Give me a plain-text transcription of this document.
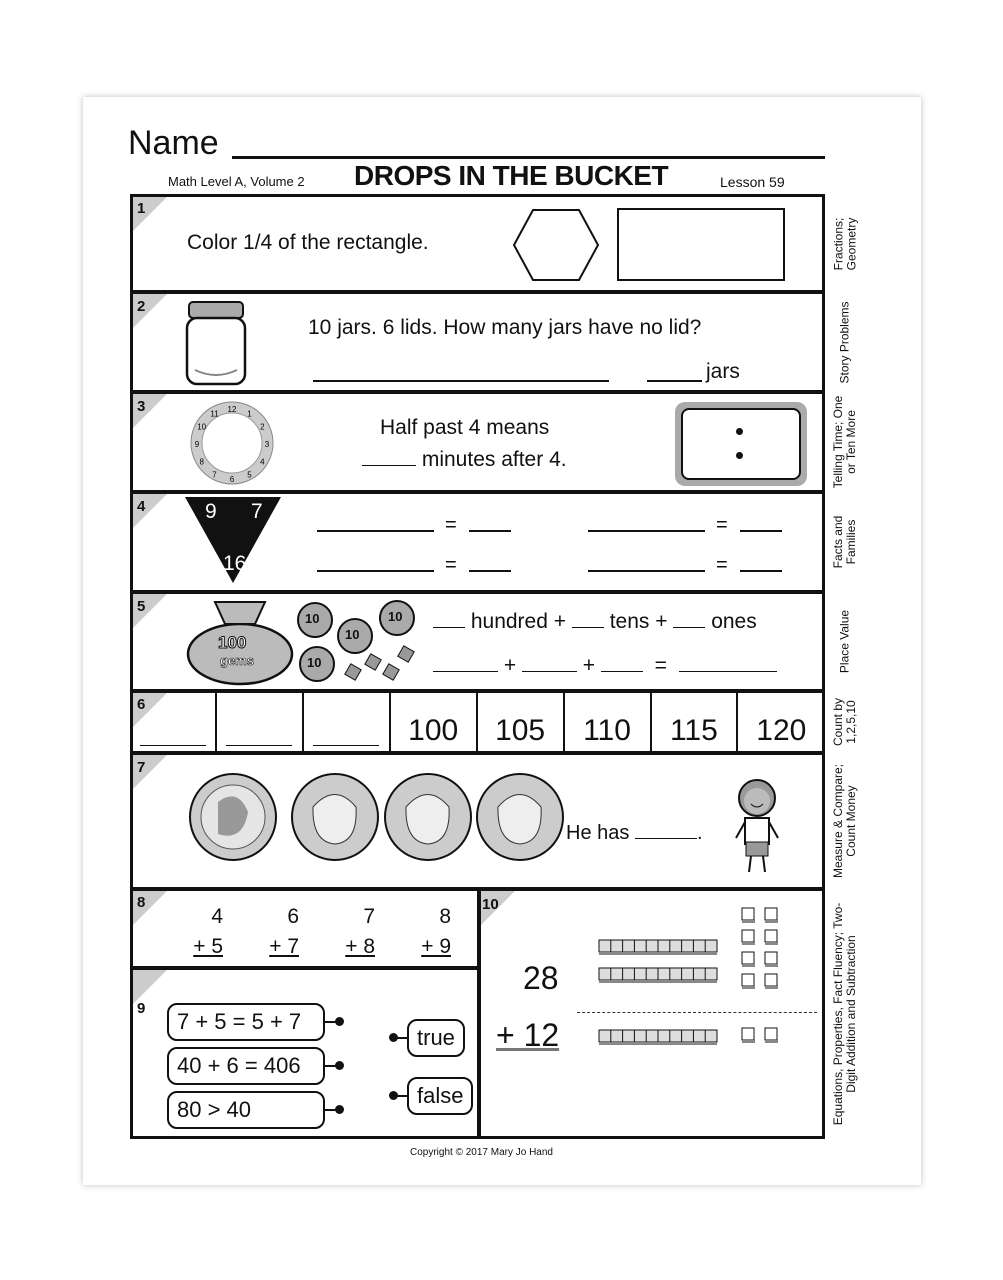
Name
Math Level A, Volume 2 DROPS IN THE BUCKET	Lesson 59
1
2
3
4
5
6
7
8
9
10
Fractions; Geometry
Story Problems
Telling Time; One or Ten More
Facts and Families
Place Value
Count by 1,2,5,10
Measure & Compare; Count Money
Equations, Properties, Fact Fluency; Two-Digit Addition and Subtraction
Color 1/4 of the rectangle.
10 jars. 6 lids. How many jars have no lid?
jars
12
1
2
3
4
5
6
7
8
9
10
11
Half past 4 means
minutes after 4.
9 7
16
=
=
=
=
100
gems
10
10
10
10
hundred + tens + ones
+	+	=
100 105 110 115 120
He has	.
4
+ 5
6
+ 7
7
+ 8
8
+ 9
7 + 5 = 5 + 7
40 + 6 = 406
80 > 40
true
false
28
+ 12
Copyright © 2017 Mary Jo Hand
